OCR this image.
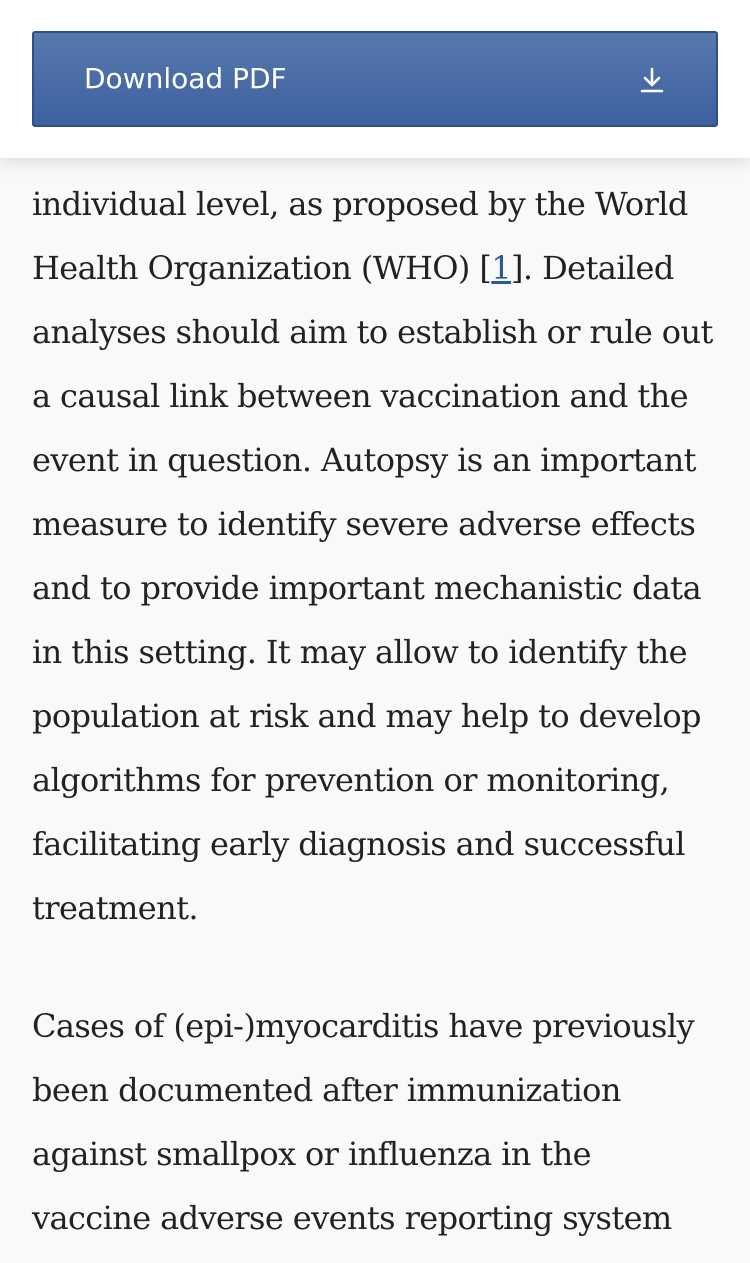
individual level, as proposed by the World
Health Organization (WHO) [1]. Detailed
analyses should aim to establish or rule out
a causal link between vaccination and the
event in question. Autopsy is an important
measure to identify severe adverse effects
and to provide important mechanistic data
in this setting. It may allow to identify the
population at risk and may help to develop
algorithms for prevention or monitoring,
facilitating early diagnosis and successful
treatment.

Cases of (epi-)myocarditis have previously
been documented after immunization
against smallpox or influenza in the
vaccine adverse events reporting system

Download PDF
